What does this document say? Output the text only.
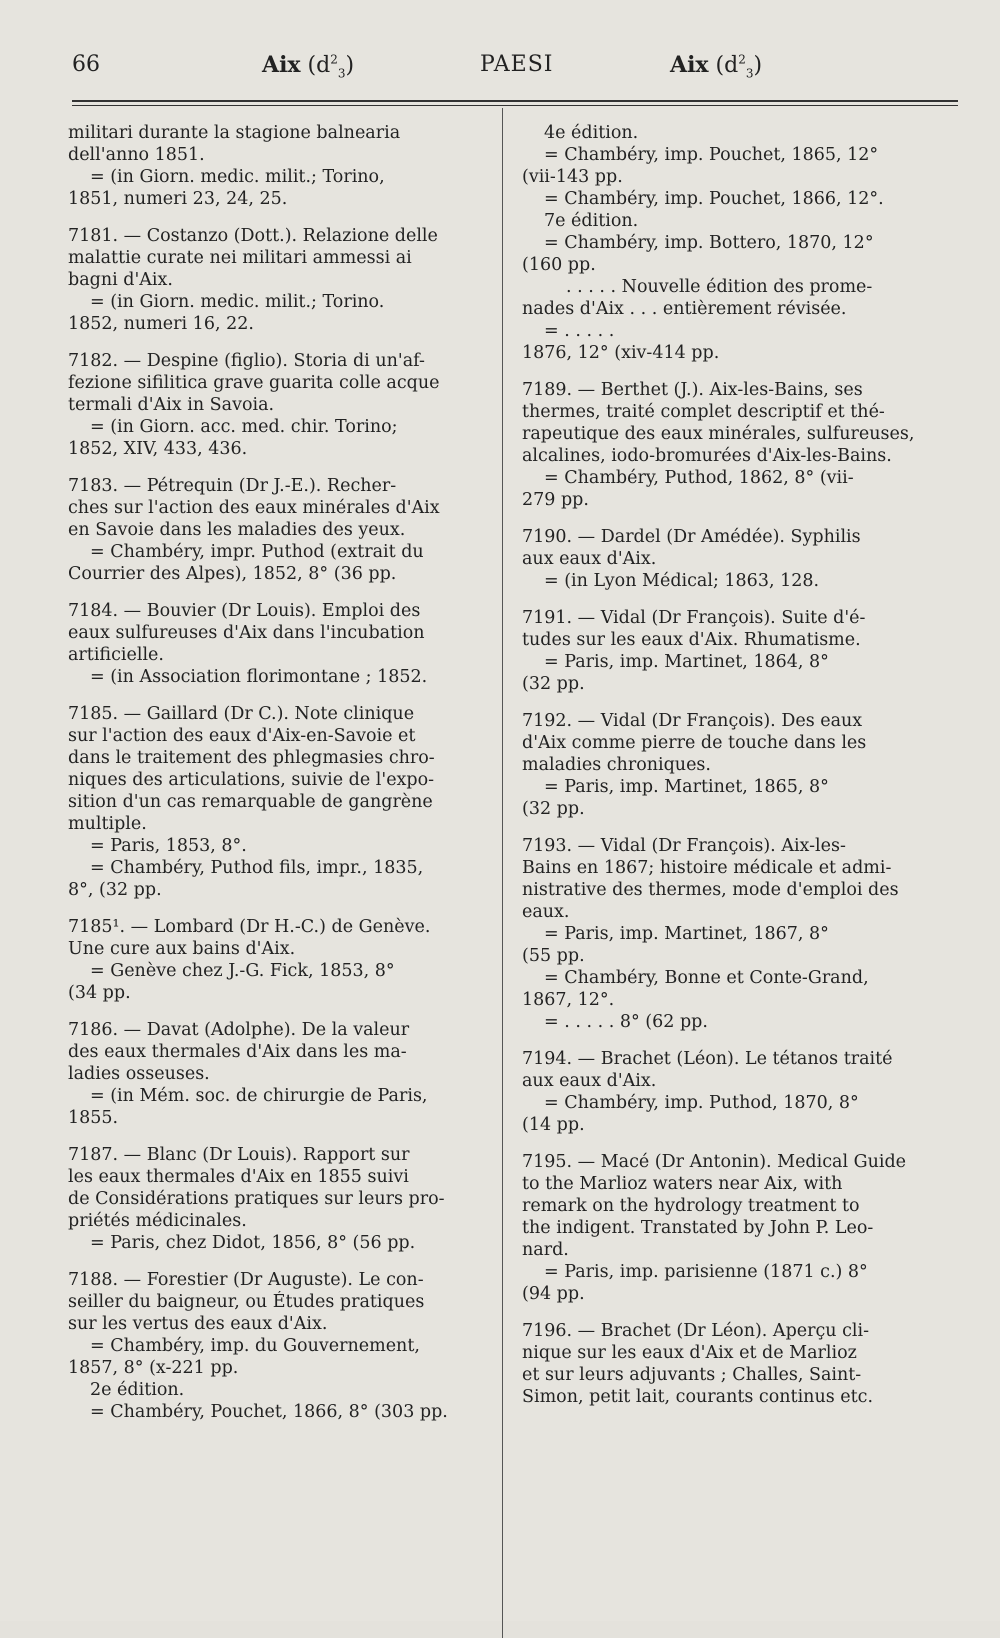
66	Aix $(d^2_3)$	PAESI	Aix $(d^2_3)$
militari durante la stagione balnearia
dell'anno 1851.
= (in Giorn. medic. milit.; Torino,
1851, numeri 23, 24, 25.
7181. — Costanzo (Dott.). Relazione delle
malattie curate nei militari ammessi ai
bagni d'Aix.
= (in Giorn. medic. milit.; Torino.
1852, numeri 16, 22.
7182. — Despine (figlio). Storia di un'af-
fezione sifilitica grave guarita colle acque
termali d'Aix in Savoia.
= (in Giorn. acc. med. chir. Torino;
1852, XIV, 433, 436.
7183. — Pétrequin (Dr J.-E.). Recher-
ches sur l'action des eaux minérales d'Aix
en Savoie dans les maladies des yeux.
= Chambéry, impr. Puthod (extrait du
Courrier des Alpes), 1852, 8° (36 pp.
7184. — Bouvier (Dr Louis). Emploi des
eaux sulfureuses d'Aix dans l'incubation
artificielle.
= (in Association florimontane ; 1852.
7185. — Gaillard (Dr C.). Note clinique
sur l'action des eaux d'Aix-en-Savoie et
dans le traitement des phlegmasies chro-
niques des articulations, suivie de l'expo-
sition d'un cas remarquable de gangrène
multiple.
= Paris, 1853, 8°.
= Chambéry, Puthod fils, impr., 1835,
8°, (32 pp.
7185¹. — Lombard (Dr H.-C.) de Genève.
Une cure aux bains d'Aix.
= Genève chez J.-G. Fick, 1853, 8°
(34 pp.
7186. — Davat (Adolphe). De la valeur
des eaux thermales d'Aix dans les ma-
ladies osseuses.
= (in Mém. soc. de chirurgie de Paris,
1855.
7187. — Blanc (Dr Louis). Rapport sur
les eaux thermales d'Aix en 1855 suivi
de Considérations pratiques sur leurs pro-
priétés médicinales.
= Paris, chez Didot, 1856, 8° (56 pp.
7188. — Forestier (Dr Auguste). Le con-
seiller du baigneur, ou Études pratiques
sur les vertus des eaux d'Aix.
= Chambéry, imp. du Gouvernement,
1857, 8° (x-221 pp.
2e édition.
= Chambéry, Pouchet, 1866, 8° (303 pp.
4e édition.
= Chambéry, imp. Pouchet, 1865, 12°
(vii-143 pp.
= Chambéry, imp. Pouchet, 1866, 12°.
7e édition.
= Chambéry, imp. Bottero, 1870, 12°
(160 pp.
. . . . . Nouvelle édition des prome-
nades d'Aix . . . entièrement révisée.
= . . . . .
1876, 12° (xiv-414 pp.
7189. — Berthet (J.). Aix-les-Bains, ses
thermes, traité complet descriptif et thé-
rapeutique des eaux minérales, sulfureuses,
alcalines, iodo-bromurées d'Aix-les-Bains.
= Chambéry, Puthod, 1862, 8° (vii-
279 pp.
7190. — Dardel (Dr Amédée). Syphilis
aux eaux d'Aix.
= (in Lyon Médical; 1863, 128.
7191. — Vidal (Dr François). Suite d'é-
tudes sur les eaux d'Aix. Rhumatisme.
= Paris, imp. Martinet, 1864, 8°
(32 pp.
7192. — Vidal (Dr François). Des eaux
d'Aix comme pierre de touche dans les
maladies chroniques.
= Paris, imp. Martinet, 1865, 8°
(32 pp.
7193. — Vidal (Dr François). Aix-les-
Bains en 1867; histoire médicale et admi-
nistrative des thermes, mode d'emploi des
eaux.
= Paris, imp. Martinet, 1867, 8°
(55 pp.
= Chambéry, Bonne et Conte-Grand,
1867, 12°.
= . . . . . 8° (62 pp.
7194. — Brachet (Léon). Le tétanos traité
aux eaux d'Aix.
= Chambéry, imp. Puthod, 1870, 8°
(14 pp.
7195. — Macé (Dr Antonin). Medical Guide
to the Marlioz waters near Aix, with
remark on the hydrology treatment to
the indigent. Transtated by John P. Leo-
nard.
= Paris, imp. parisienne (1871 c.) 8°
(94 pp.
7196. — Brachet (Dr Léon). Aperçu cli-
nique sur les eaux d'Aix et de Marlioz
et sur leurs adjuvants ; Challes, Saint-
Simon, petit lait, courants continus etc.
